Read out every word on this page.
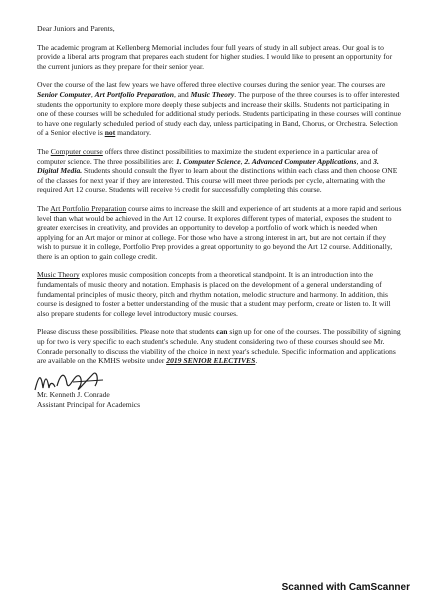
Dear Juniors and Parents,

The academic program at Kellenberg Memorial includes four full years of study in all subject areas. Our goal is to provide a liberal arts program that prepares each student for higher studies. I would like to present an opportunity for the current juniors as they prepare for their senior year.

Over the course of the last few years we have offered three elective courses during the senior year. The courses are Senior Computer, Art Portfolio Preparation, and Music Theory. The purpose of the three courses is to offer interested students the opportunity to explore more deeply these subjects and increase their skills. Students not participating in one of these courses will be scheduled for additional study periods. Students participating in these courses will continue to have one regularly scheduled period of study each day, unless participating in Band, Chorus, or Orchestra. Selection of a Senior elective is not mandatory.

The Computer course offers three distinct possibilities to maximize the student experience in a particular area of computer science. The three possibilities are: 1. Computer Science, 2. Advanced Computer Applications, and 3. Digital Media. Students should consult the flyer to learn about the distinctions within each class and then choose ONE of the classes for next year if they are interested. This course will meet three periods per cycle, alternating with the required Art 12 course. Students will receive ½ credit for successfully completing this course.

The Art Portfolio Preparation course aims to increase the skill and experience of art students at a more rapid and serious level than what would be achieved in the Art 12 course. It explores different types of material, exposes the student to greater exercises in creativity, and provides an opportunity to develop a portfolio of work which is needed when applying for an Art major or minor at college. For those who have a strong interest in art, but are not certain if they wish to pursue it in college, Portfolio Prep provides a great opportunity to go beyond the Art 12 course. Additionally, there is an option to gain college credit.

Music Theory explores music composition concepts from a theoretical standpoint. It is an introduction into the fundamentals of music theory and notation. Emphasis is placed on the development of a general understanding of fundamental principles of music theory, pitch and rhythm notation, melodic structure and harmony. In addition, this course is designed to foster a better understanding of the music that a student may perform, create or listen to. It will also prepare students for college level introductory music courses.

Please discuss these possibilities. Please note that students can sign up for one of the courses. The possibility of signing up for two is very specific to each student's schedule. Any student considering two of these courses should see Mr. Conrade personally to discuss the viability of the choice in next year's schedule. Specific information and applications are available on the KMHS website under 2019 SENIOR ELECTIVES.

Mr. Kenneth J. Conrade
Assistant Principal for Academics
Scanned with CamScanner
